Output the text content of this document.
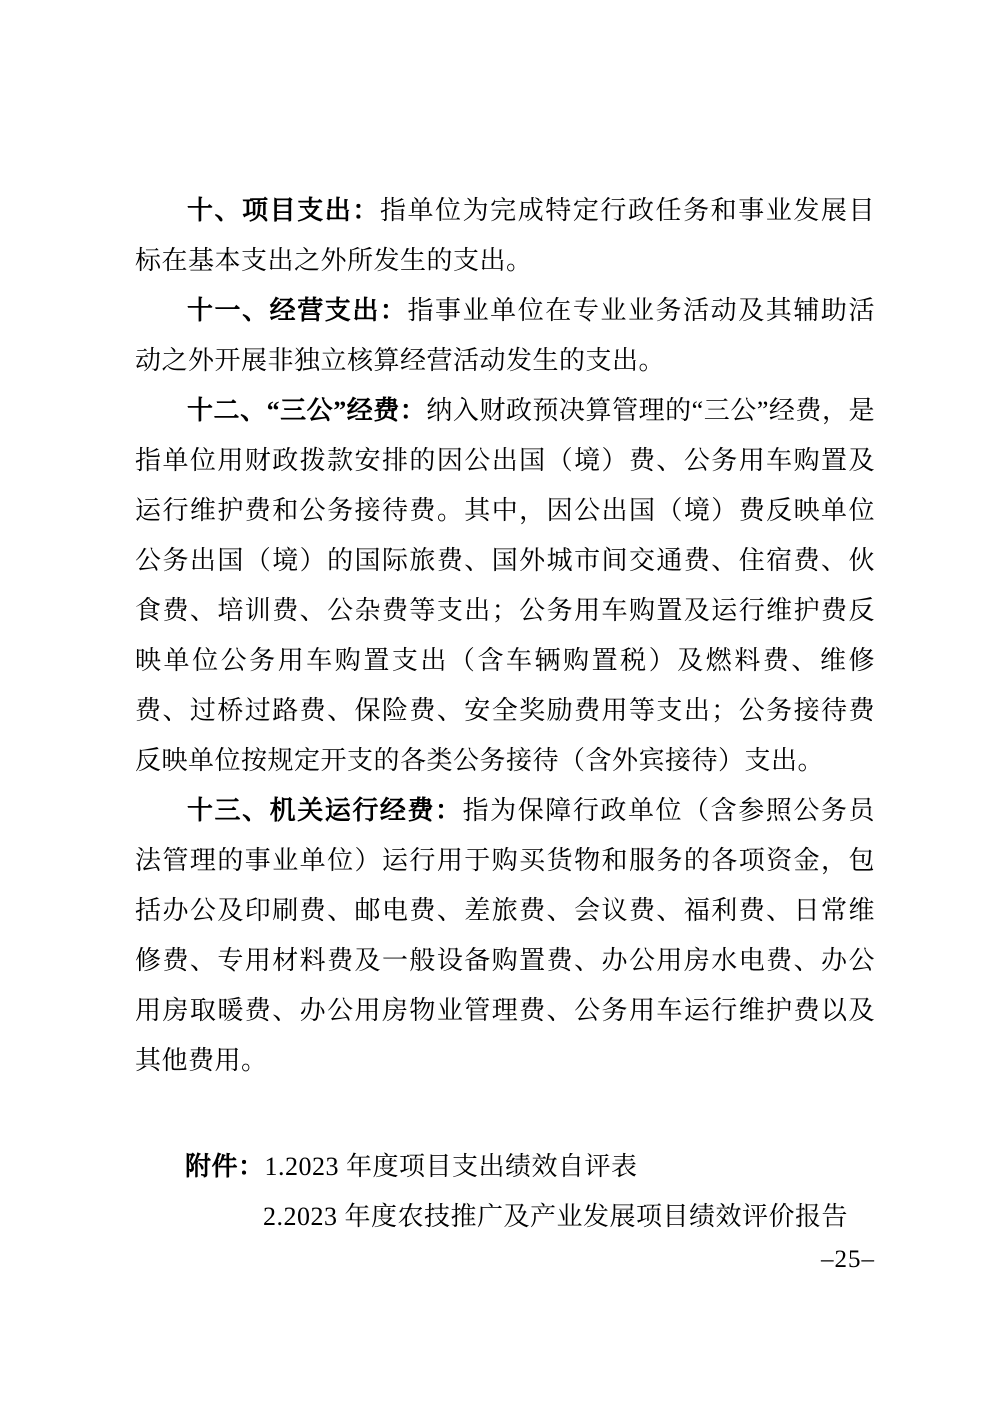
十、项目支出：指单位为完成特定行政任务和事业发展目标在基本支出之外所发生的支出。

十一、经营支出：指事业单位在专业业务活动及其辅助活动之外开展非独立核算经营活动发生的支出。

十二、“三公”经费：纳入财政预决算管理的“三公”经费，是指单位用财政拨款安排的因公出国（境）费、公务用车购置及运行维护费和公务接待费。其中，因公出国（境）费反映单位公务出国（境）的国际旅费、国外城市间交通费、住宿费、伙食费、培训费、公杂费等支出；公务用车购置及运行维护费反映单位公务用车购置支出（含车辆购置税）及燃料费、维修费、过桥过路费、保险费、安全奖励费用等支出；公务接待费反映单位按规定开支的各类公务接待（含外宾接待）支出。

十三、机关运行经费：指为保障行政单位（含参照公务员法管理的事业单位）运行用于购买货物和服务的各项资金，包括办公及印刷费、邮电费、差旅费、会议费、福利费、日常维修费、专用材料费及一般设备购置费、办公用房水电费、办公用房取暖费、办公用房物业管理费、公务用车运行维护费以及其他费用。

附件：1.2023 年度项目支出绩效自评表
2.2023 年度农技推广及产业发展项目绩效评价报告
–25–
